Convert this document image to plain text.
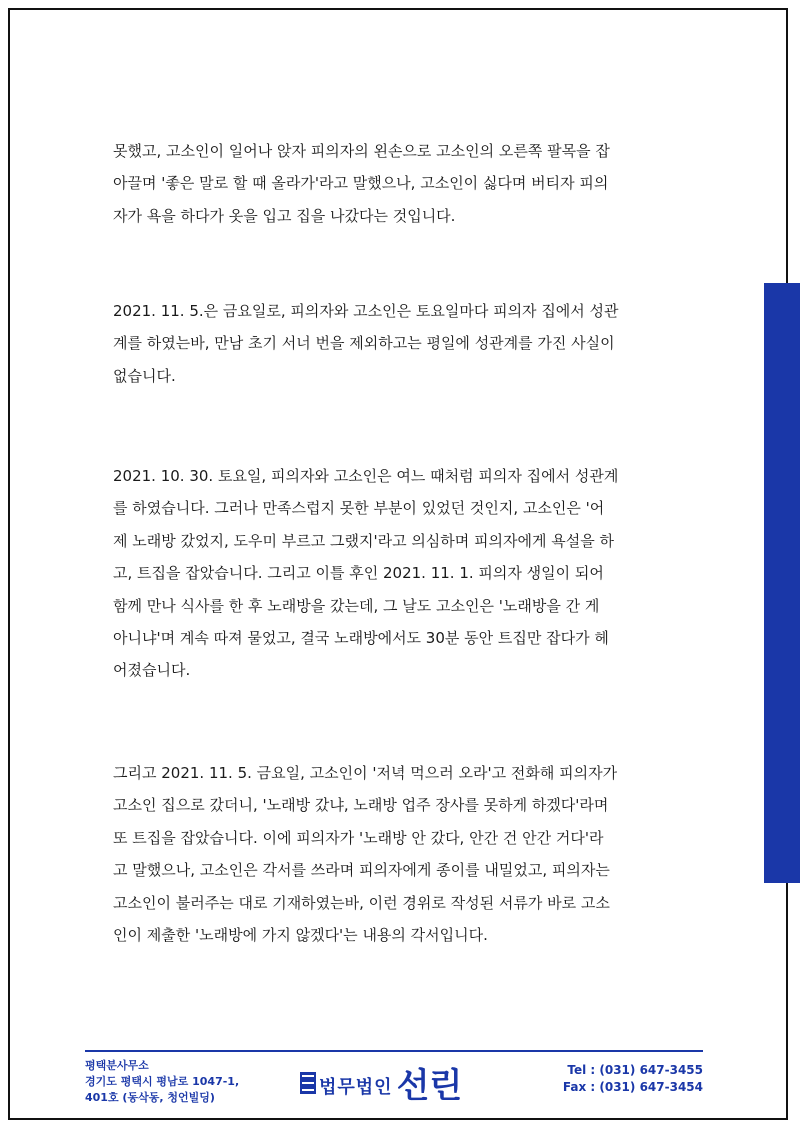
못했고, 고소인이 일어나 앉자 피의자의 왼손으로 고소인의 오른쪽 팔목을 잡
아끌며 '좋은 말로 할 때 올라가'라고 말했으나, 고소인이 싫다며 버티자 피의
자가 욕을 하다가 옷을 입고 집을 나갔다는 것입니다.
2021. 11. 5.은 금요일로, 피의자와 고소인은 토요일마다 피의자 집에서 성관
계를 하였는바, 만남 초기 서너 번을 제외하고는 평일에 성관계를 가진 사실이
없습니다.
2021. 10. 30. 토요일, 피의자와 고소인은 여느 때처럼 피의자 집에서 성관계
를 하였습니다. 그러나 만족스럽지 못한 부분이 있었던 것인지, 고소인은 '어
제 노래방 갔었지, 도우미 부르고 그랬지'라고 의심하며 피의자에게 욕설을 하
고, 트집을 잡았습니다. 그리고 이틀 후인 2021. 11. 1. 피의자 생일이 되어
함께 만나 식사를 한 후 노래방을 갔는데, 그 날도 고소인은 '노래방을 간 게
아니냐'며 계속 따져 물었고, 결국 노래방에서도 30분 동안 트집만 잡다가 헤
어졌습니다.
그리고 2021. 11. 5. 금요일, 고소인이 '저녁 먹으러 오라'고 전화해 피의자가
고소인 집으로 갔더니, '노래방 갔냐, 노래방 업주 장사를 못하게 하겠다'라며
또 트집을 잡았습니다. 이에 피의자가 '노래방 안 갔다, 안간 건 안간 거다'라
고 말했으나, 고소인은 각서를 쓰라며 피의자에게 종이를 내밀었고, 피의자는
고소인이 불러주는 대로 기재하였는바, 이런 경위로 작성된 서류가 바로 고소
인이 제출한 '노래방에 가지 않겠다'는 내용의 각서입니다.
평택분사무소
경기도 평택시 평남로 1047-1,
401호 (동삭동, 청언빌딩)	법무법인 선린	Tel : (031) 647-3455
Fax : (031) 647-3454
